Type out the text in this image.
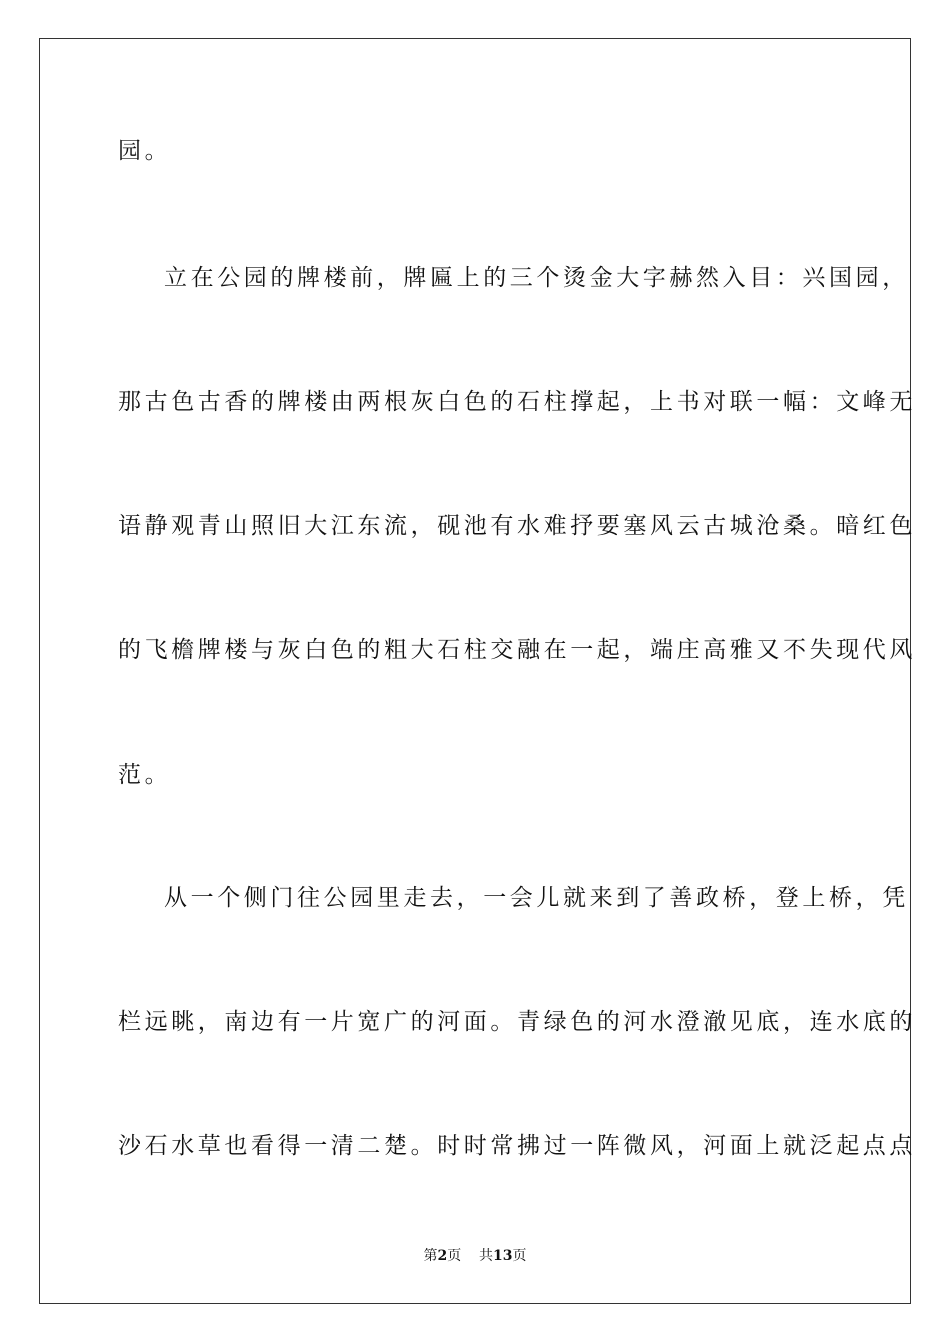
园。
立在公园的牌楼前，牌匾上的三个烫金大字赫然入目：兴国园，
那古色古香的牌楼由两根灰白色的石柱撑起，上书对联一幅：文峰无
语静观青山照旧大江东流，砚池有水难抒要塞风云古城沧桑。暗红色
的飞檐牌楼与灰白色的粗大石柱交融在一起，端庄高雅又不失现代风
范。
从一个侧门往公园里走去，一会儿就来到了善政桥，登上桥，凭
栏远眺，南边有一片宽广的河面。青绿色的河水澄澈见底，连水底的
沙石水草也看得一清二楚。时时常拂过一阵微风，河面上就泛起点点
第2页 共13页
